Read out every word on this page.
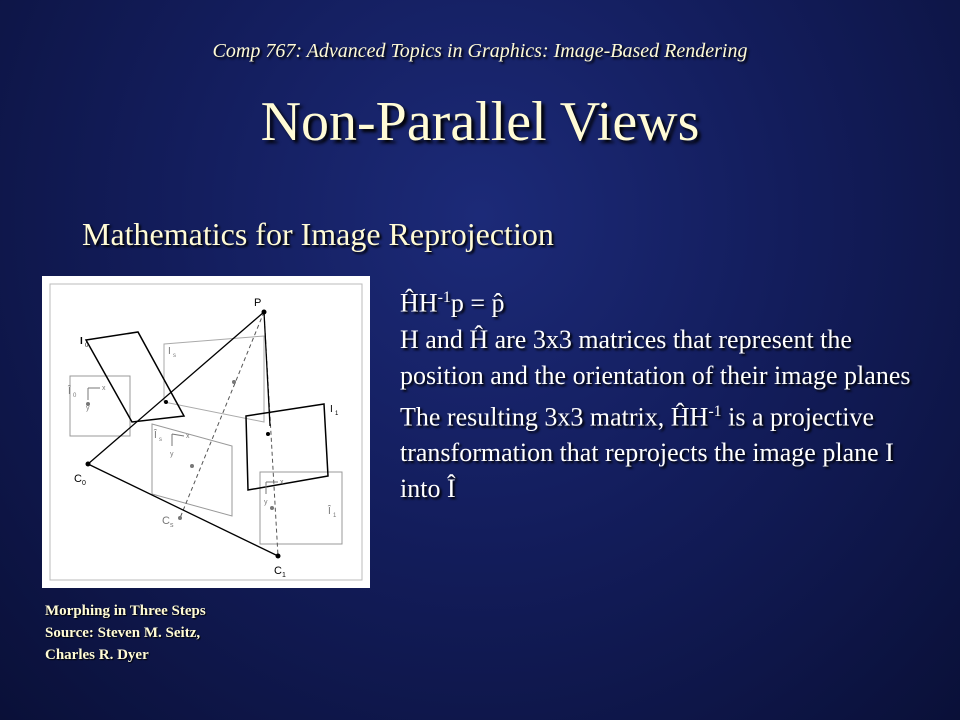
Comp 767: Advanced Topics in Graphics: Image-Based Rendering
Non-Parallel Views
Mathematics for Image Reprojection
P
I 0	I s
I 1
Î 0
Î s
Î 1
C 0
C s
C 1
x
y
x
y
x
y
Morphing in Three Steps
Source: Steven M. Seitz,
Charles R. Dyer
$ĤH^{-1}p$ = p̂

H and Ĥ are 3x3 matrices that represent the position and the orientation of their image planes

The resulting 3x3 matrix, $ĤH^{-1}$ is a projective transformation that reprojects the image plane I into Î
